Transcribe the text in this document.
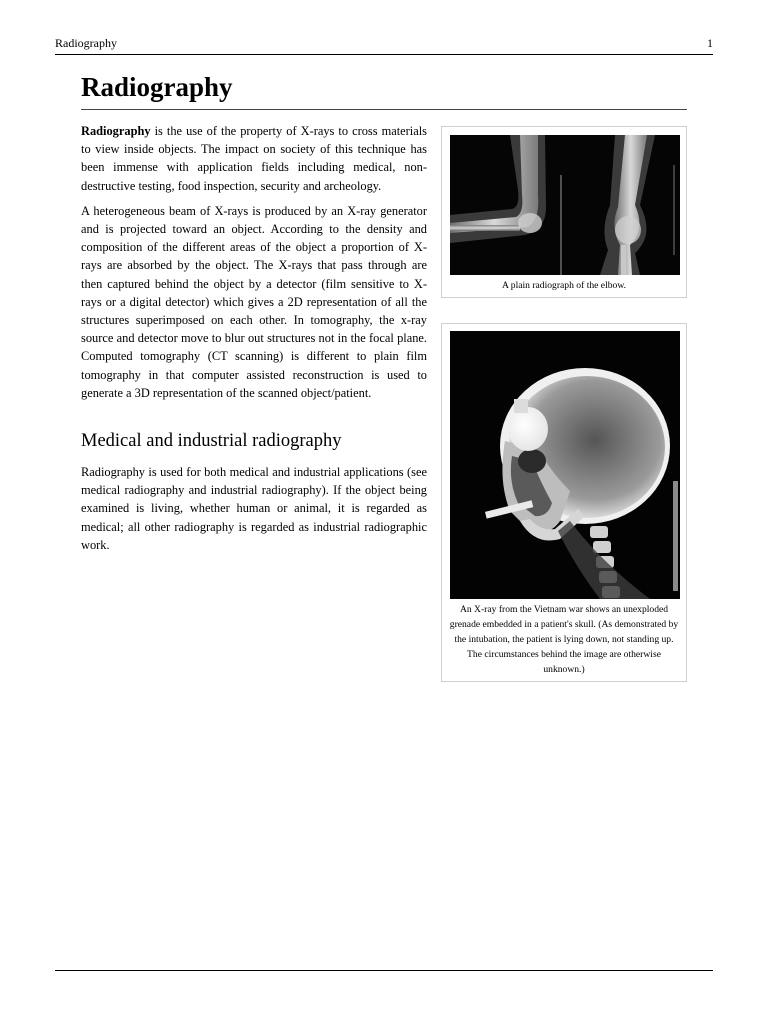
Radiography	1
Radiography

Radiography is the use of the property of X-rays to cross materials to view inside objects. The impact on society of this technique has been immense with application fields including medical, non-destructive testing, food inspection, security and archeology.

A heterogeneous beam of X-rays is produced by an X-ray generator and is projected toward an object. According to the density and composition of the different areas of the object a proportion of X-rays are absorbed by the object. The X-rays that pass through are then captured behind the object by a detector (film sensitive to X-rays or a digital detector) which gives a 2D representation of all the structures superimposed on each other. In tomography, the x-ray source and detector move to blur out structures not in the focal plane. Computed tomography (CT scanning) is different to plain film tomography in that computer assisted reconstruction is used to generate a 3D representation of the scanned object/patient.

Medical and industrial radiography

Radiography is used for both medical and industrial applications (see medical radiography and industrial radiography). If the object being examined is living, whether human or animal, it is regarded as medical; all other radiography is regarded as industrial radiographic work.

A plain radiograph of the elbow.
An X-ray from the Vietnam war shows an unexploded grenade embedded in a patient's skull. (As demonstrated by the intubation, the patient is lying down, not standing up. The circumstances behind the image are otherwise unknown.)
